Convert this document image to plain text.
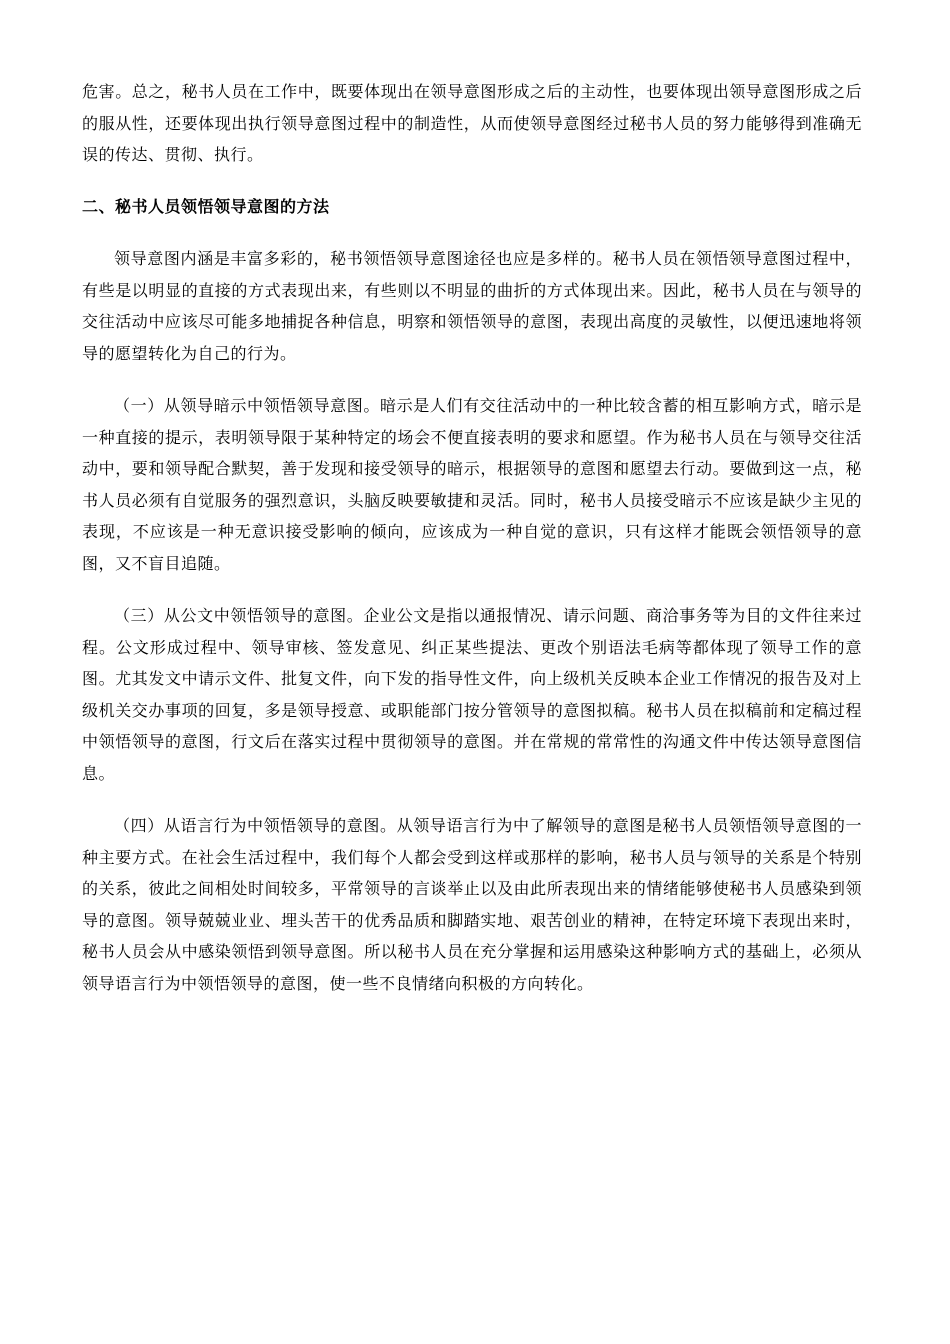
危害。总之，秘书人员在工作中，既要体现出在领导意图形成之后的主动性，也要体现出领导意图形成之后的服从性，还要体现出执行领导意图过程中的制造性，从而使领导意图经过秘书人员的努力能够得到准确无误的传达、贯彻、执行。

二、秘书人员领悟领导意图的方法

领导意图内涵是丰富多彩的，秘书领悟领导意图途径也应是多样的。秘书人员在领悟领导意图过程中，有些是以明显的直接的方式表现出来，有些则以不明显的曲折的方式体现出来。因此，秘书人员在与领导的交往活动中应该尽可能多地捕捉各种信息，明察和领悟领导的意图，表现出高度的灵敏性，以便迅速地将领导的愿望转化为自己的行为。

（一）从领导暗示中领悟领导意图。暗示是人们有交往活动中的一种比较含蓄的相互影响方式，暗示是一种直接的提示，表明领导限于某种特定的场会不便直接表明的要求和愿望。作为秘书人员在与领导交往活动中，要和领导配合默契，善于发现和接受领导的暗示，根据领导的意图和愿望去行动。要做到这一点，秘书人员必须有自觉服务的强烈意识，头脑反映要敏捷和灵活。同时，秘书人员接受暗示不应该是缺少主见的表现，不应该是一种无意识接受影响的倾向，应该成为一种自觉的意识，只有这样才能既会领悟领导的意图，又不盲目追随。

（三）从公文中领悟领导的意图。企业公文是指以通报情况、请示问题、商洽事务等为目的文件往来过程。公文形成过程中、领导审核、签发意见、纠正某些提法、更改个别语法毛病等都体现了领导工作的意图。尤其发文中请示文件、批复文件，向下发的指导性文件，向上级机关反映本企业工作情况的报告及对上级机关交办事项的回复，多是领导授意、或职能部门按分管领导的意图拟稿。秘书人员在拟稿前和定稿过程中领悟领导的意图，行文后在落实过程中贯彻领导的意图。并在常规的常常性的沟通文件中传达领导意图信息。

（四）从语言行为中领悟领导的意图。从领导语言行为中了解领导的意图是秘书人员领悟领导意图的一种主要方式。在社会生活过程中，我们每个人都会受到这样或那样的影响，秘书人员与领导的关系是个特别的关系，彼此之间相处时间较多，平常领导的言谈举止以及由此所表现出来的情绪能够使秘书人员感染到领导的意图。领导兢兢业业、埋头苦干的优秀品质和脚踏实地、艰苦创业的精神，在特定环境下表现出来时，秘书人员会从中感染领悟到领导意图。所以秘书人员在充分掌握和运用感染这种影响方式的基础上，必须从领导语言行为中领悟领导的意图，使一些不良情绪向积极的方向转化。
